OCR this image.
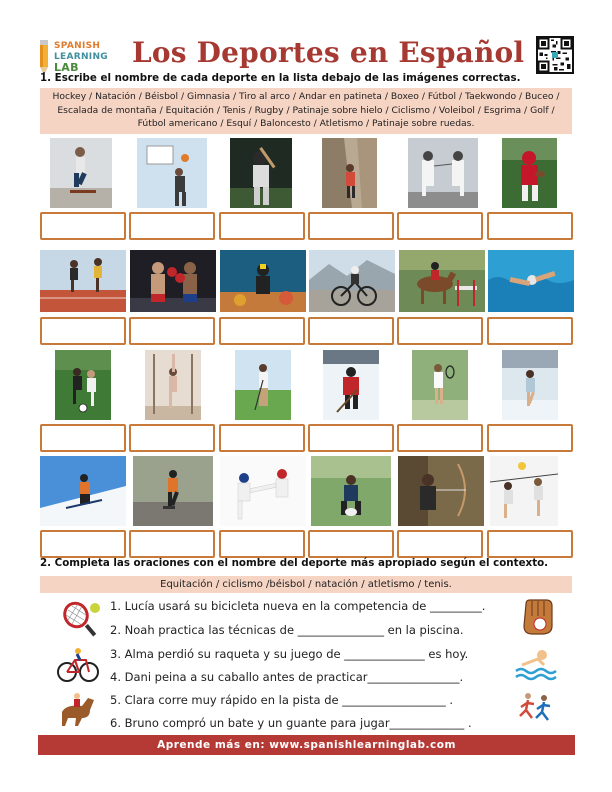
SPANISH
LEARNING
LAB Los Deportes en Español
1. Escribe el nombre de cada deporte en la lista debajo de las imágenes correctas.
Hockey / Natación / Béisbol / Gimnasia / Tiro al arco / Andar en patineta / Boxeo / Fútbol / Taekwondo / Buceo / Escalada de montaña / Equitación / Tenis / Rugby / Patinaje sobre hielo / Ciclismo / Voleibol / Esgrima / Golf / Fútbol americano / Esquí / Baloncesto / Atletismo / Patinaje sobre ruedas.
2. Completa las oraciones con el nombre del deporte más apropiado según el contexto.
Equitación / ciclismo /béisbol / natación / atletismo / tenis.
1. Lucía usará su bicicleta nueva en la competencia de _________.
2. Noah practica las técnicas de _______________ en la piscina.
3. Alma perdió su raqueta y su juego de ______________ es hoy.
4. Dani peina a su caballo antes de practicar________________.
5. Clara corre muy rápido en la pista de __________________ .
6. Bruno compró un bate y un guante para jugar_____________ .
Aprende más en: www.spanishlearninglab.com
